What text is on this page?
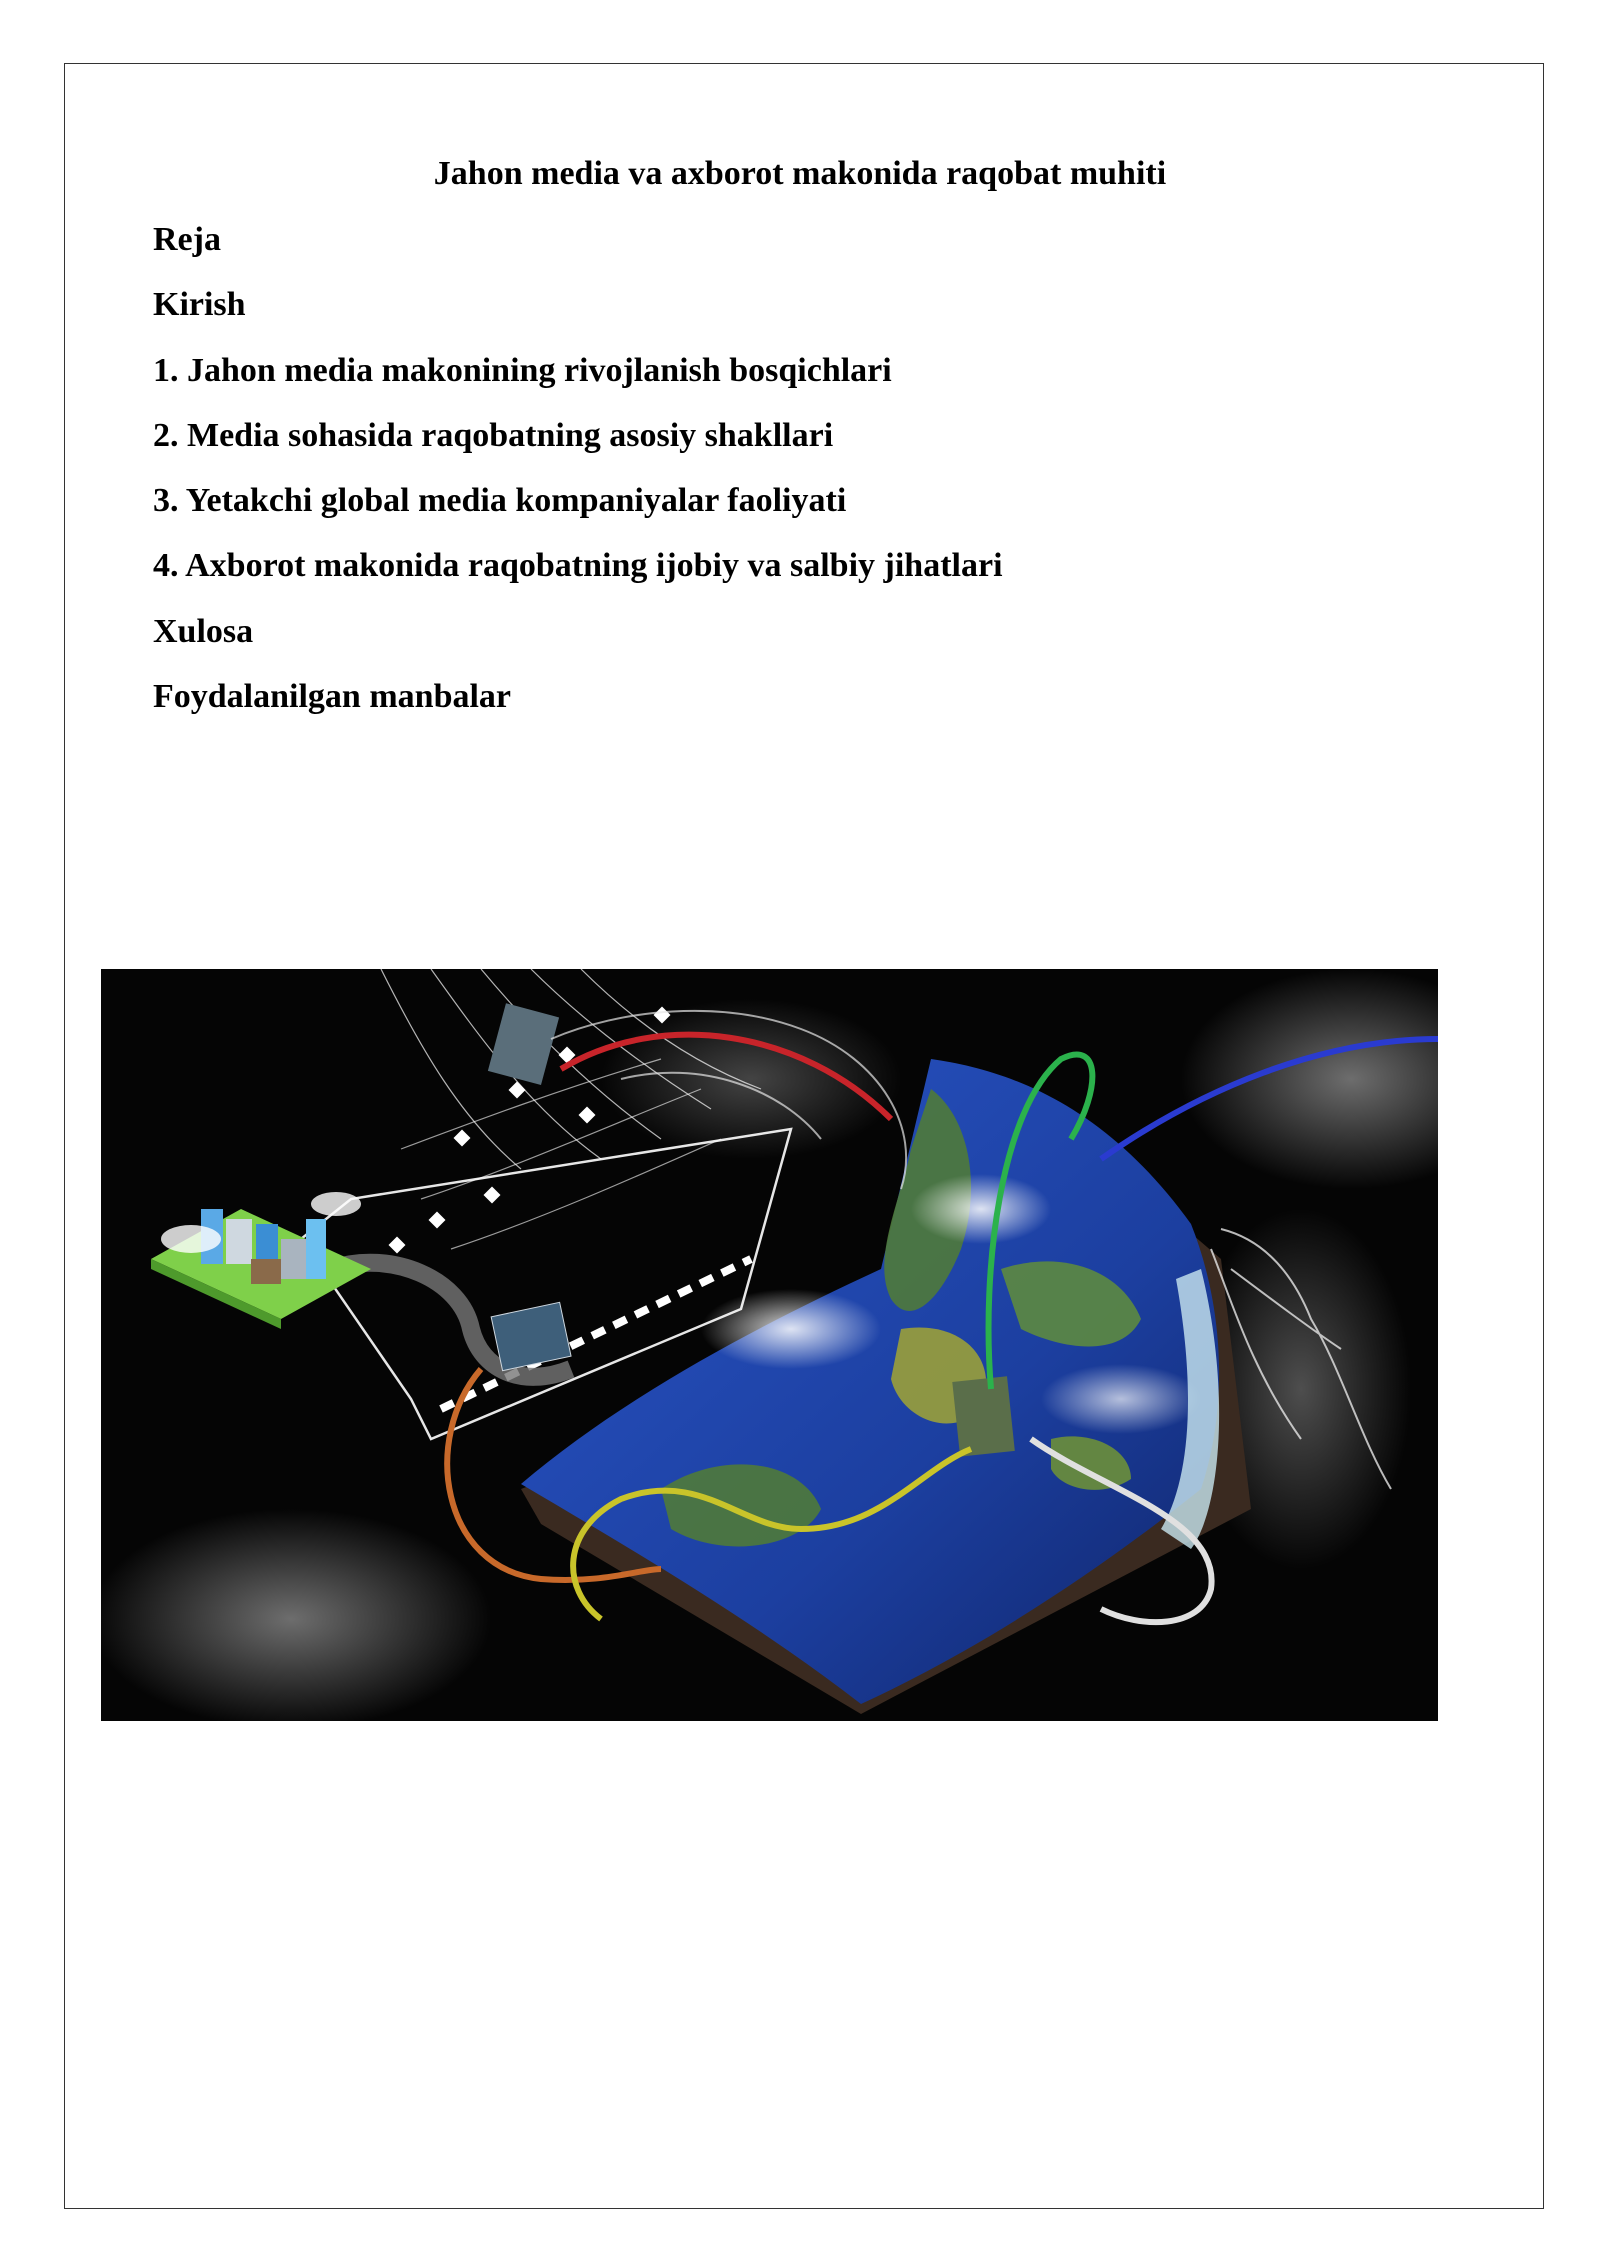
Jahon media va axborot makonida raqobat muhiti
Reja
Kirish
1. Jahon media makonining rivojlanish bosqichlari
2. Media sohasida raqobatning asosiy shakllari
3. Yetakchi global media kompaniyalar faoliyati
4. Axborot makonida raqobatning ijobiy va salbiy jihatlari
Xulosa
Foydalanilgan manbalar
